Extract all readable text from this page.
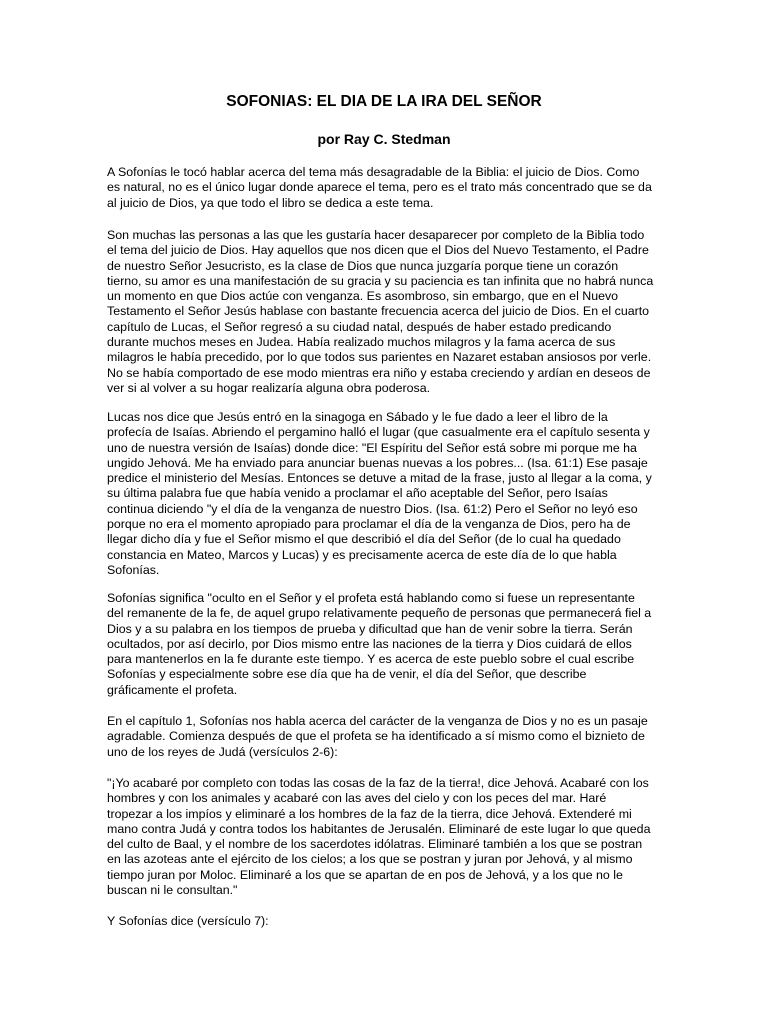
SOFONIAS: EL DIA DE LA IRA DEL SEÑOR

por Ray C. Stedman

A Sofonías le tocó hablar acerca del tema más desagradable de la Biblia: el juicio de Dios. Como
es natural, no es el único lugar donde aparece el tema, pero es el trato más concentrado que se da
al juicio de Dios, ya que todo el libro se dedica a este tema.

Son muchas las personas a las que les gustaría hacer desaparecer por completo de la Biblia todo
el tema del juicio de Dios. Hay aquellos que nos dicen que el Dios del Nuevo Testamento, el Padre
de nuestro Señor Jesucristo, es la clase de Dios que nunca juzgaría porque tiene un corazón
tierno, su amor es una manifestación de su gracia y su paciencia es tan infinita que no habrá nunca
un momento en que Dios actúe con venganza. Es asombroso, sin embargo, que en el Nuevo
Testamento el Señor Jesús hablase con bastante frecuencia acerca del juicio de Dios. En el cuarto
capítulo de Lucas, el Señor regresó a su ciudad natal, después de haber estado predicando
durante muchos meses en Judea. Había realizado muchos milagros y la fama acerca de sus
milagros le había precedido, por lo que todos sus parientes en Nazaret estaban ansiosos por verle.
No se había comportado de ese modo mientras era niño y estaba creciendo y ardían en deseos de
ver si al volver a su hogar realizaría alguna obra poderosa.

Lucas nos dice que Jesús entró en la sinagoga en Sábado y le fue dado a leer el libro de la
profecía de Isaías. Abriendo el pergamino halló el lugar (que casualmente era el capítulo sesenta y
uno de nuestra versión de Isaías) donde dice: "El Espíritu del Señor está sobre mi porque me ha
ungido Jehová. Me ha enviado para anunciar buenas nuevas a los pobres... (Isa. 61:1) Ese pasaje
predice el ministerio del Mesías. Entonces se detuve a mitad de la frase, justo al llegar a la coma, y
su última palabra fue que había venido a proclamar el año aceptable del Señor, pero Isaías
continua diciendo "y el día de la venganza de nuestro Dios. (Isa. 61:2) Pero el Señor no leyó eso
porque no era el momento apropiado para proclamar el día de la venganza de Dios, pero ha de
llegar dicho día y fue el Señor mismo el que describió el día del Señor (de lo cual ha quedado
constancia en Mateo, Marcos y Lucas) y es precisamente acerca de este día de lo que habla
Sofonías.

Sofonías significa "oculto en el Señor y el profeta está hablando como si fuese un representante
del remanente de la fe, de aquel grupo relativamente pequeño de personas que permanecerá fiel a
Dios y a su palabra en los tiempos de prueba y dificultad que han de venir sobre la tierra. Serán
ocultados, por así decirlo, por Dios mismo entre las naciones de la tierra y Dios cuidará de ellos
para mantenerlos en la fe durante este tiempo. Y es acerca de este pueblo sobre el cual escribe
Sofonías y especialmente sobre ese día que ha de venir, el día del Señor, que describe
gráficamente el profeta.

En el capítulo 1, Sofonías nos habla acerca del carácter de la venganza de Dios y no es un pasaje
agradable. Comienza después de que el profeta se ha identificado a sí mismo como el biznieto de
uno de los reyes de Judá (versículos 2-6):

"¡Yo acabaré por completo con todas las cosas de la faz de la tierra!, dice Jehová. Acabaré con los
hombres y con los animales y acabaré con las aves del cielo y con los peces del mar. Haré
tropezar a los impíos y eliminaré a los hombres de la faz de la tierra, dice Jehová. Extenderé mi
mano contra Judá y contra todos los habitantes de Jerusalén. Eliminaré de este lugar lo que queda
del culto de Baal, y el nombre de los sacerdotes idólatras. Eliminaré también a los que se postran
en las azoteas ante el ejército de los cielos; a los que se postran y juran por Jehová, y al mismo
tiempo juran por Moloc. Eliminaré a los que se apartan de en pos de Jehová, y a los que no le
buscan ni le consultan."

Y Sofonías dice (versículo 7):
